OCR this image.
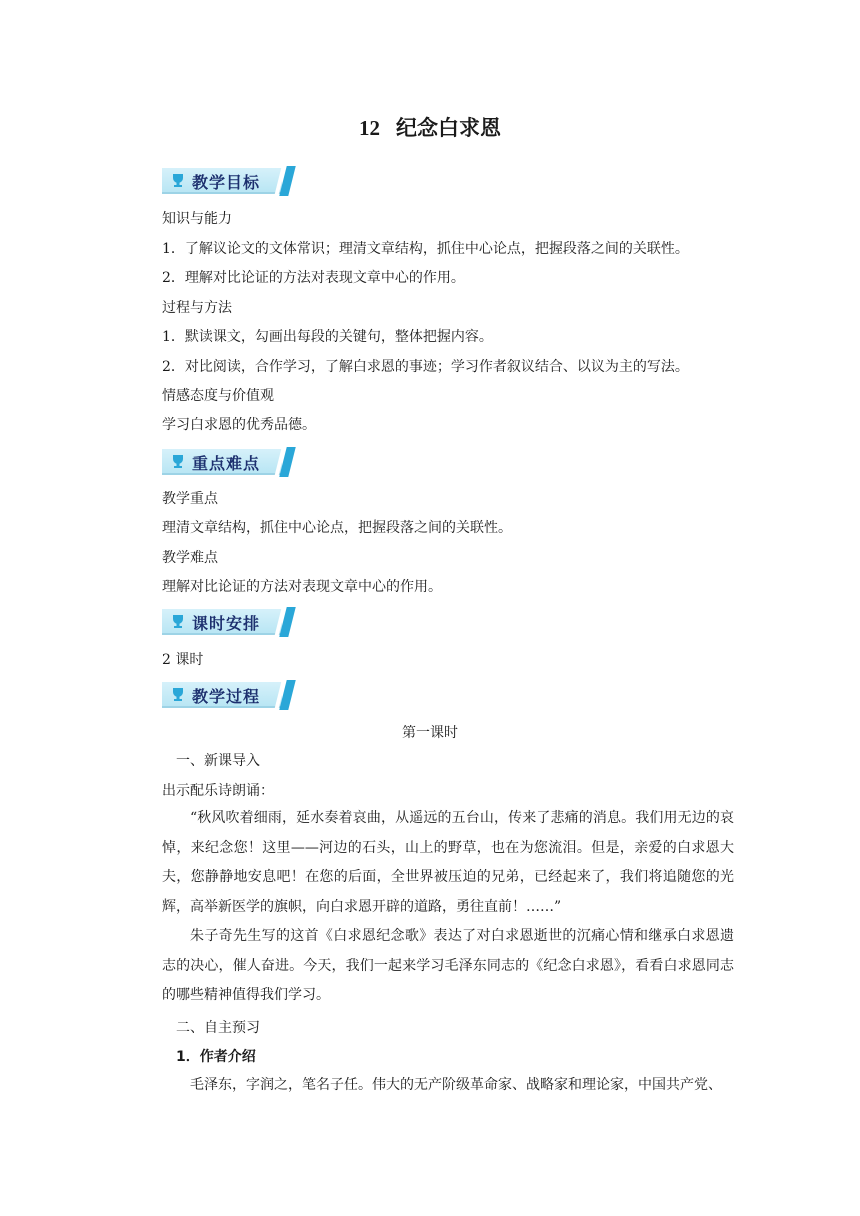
12 纪念白求恩
教学目标
知识与能力
1．了解议论文的文体常识；理清文章结构，抓住中心论点，把握段落之间的关联性。
2．理解对比论证的方法对表现文章中心的作用。
过程与方法
1．默读课文，勾画出每段的关键句，整体把握内容。
2．对比阅读，合作学习，了解白求恩的事迹；学习作者叙议结合、以议为主的写法。
情感态度与价值观
学习白求恩的优秀品德。
重点难点
教学重点
理清文章结构，抓住中心论点，把握段落之间的关联性。
教学难点
理解对比论证的方法对表现文章中心的作用。
课时安排
2 课时
教学过程
第一课时
一、新课导入
出示配乐诗朗诵：
“秋风吹着细雨，延水奏着哀曲，从遥远的五台山，传来了悲痛的消息。我们用无边的哀悼，来纪念您！这里——河边的石头，山上的野草，也在为您流泪。但是，亲爱的白求恩大夫，您静静地安息吧！在您的后面，全世界被压迫的兄弟，已经起来了，我们将追随您的光辉，高举新医学的旗帜，向白求恩开辟的道路，勇往直前！……”
朱子奇先生写的这首《白求恩纪念歌》表达了对白求恩逝世的沉痛心情和继承白求恩遗志的决心，催人奋进。今天，我们一起来学习毛泽东同志的《纪念白求恩》，看看白求恩同志的哪些精神值得我们学习。
二、自主预习
1．作者介绍
毛泽东，字润之，笔名子任。伟大的无产阶级革命家、战略家和理论家，中国共产党、
